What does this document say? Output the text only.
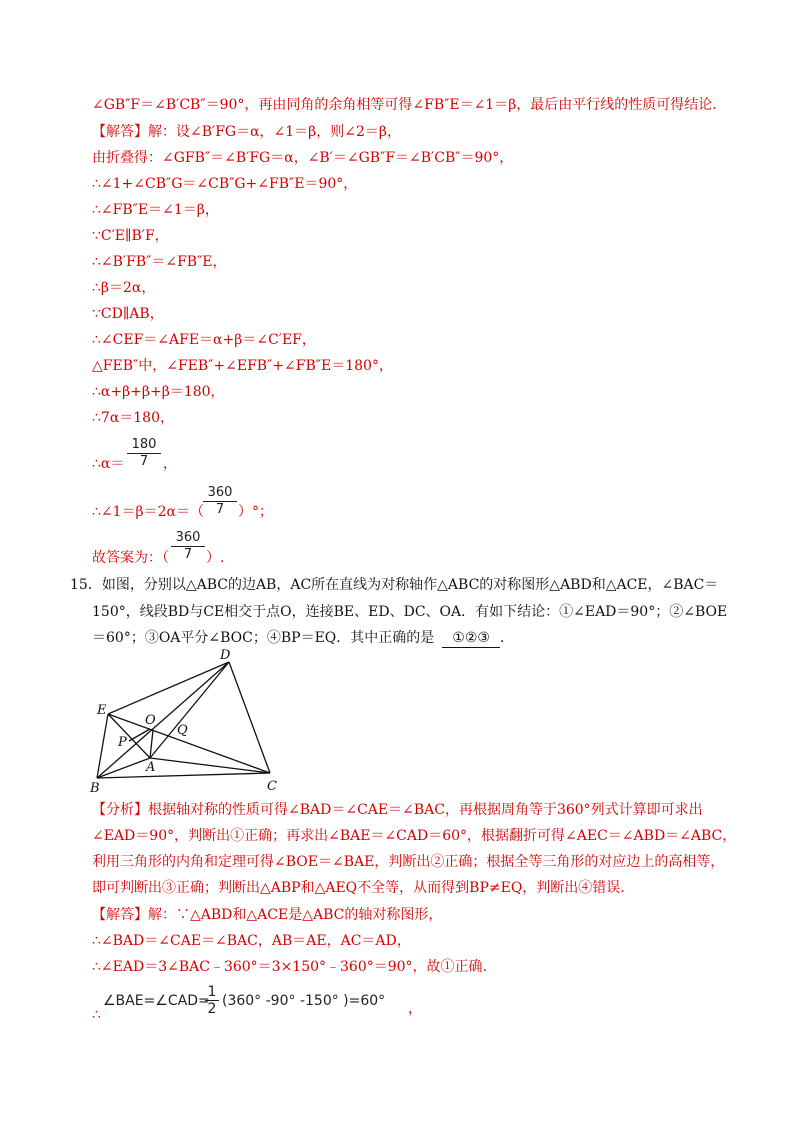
∠GB″F＝∠B′CB″＝90°，再由同角的余角相等可得∠FB″E＝∠1＝β，最后由平行线的性质可得结论.
【解答】解：设∠B′FG＝α，∠1＝β，则∠2＝β，
由折叠得：∠GFB″＝∠B′FG＝α，∠B′＝∠GB″F＝∠B′CB″＝90°，
∴∠1+∠CB″G＝∠CB″G+∠FB″E＝90°，
∴∠FB″E＝∠1＝β，
∵C′E∥B′F，
∴∠B′FB″＝∠FB″E，
∴β＝2α，
∵CD∥AB，
∴∠CEF＝∠AFE＝α+β＝∠C′EF，
△FEB″中，∠FEB″+∠EFB″+∠FB″E＝180°，
∴α+β+β+β＝180，
∴7α＝180，
∴α＝ $\frac{180}{7}$ ，
∴∠1＝β＝2α＝（ $\frac{360}{7}$ ）°；
故答案为：（ $\frac{360}{7}$ ）.
15．如图，分别以△ABC的边AB，AC所在直线为对称轴作△ABC的对称图形△ABD和△ACE，∠BAC＝
150°，线段BD与CE相交于点O，连接BE、ED、DC、OA．有如下结论：①∠EAD＝90°；②∠BOE
＝60°；③OA平分∠BOC；④BP＝EQ．其中正确的是 ①②③ ．
D
E
O
Q
P
A
B	C
【分析】根据轴对称的性质可得∠BAD＝∠CAE＝∠BAC，再根据周角等于360°列式计算即可求出
∠EAD＝90°，判断出①正确；再求出∠BAE＝∠CAD＝60°，根据翻折可得∠AEC＝∠ABD＝∠ABC，
利用三角形的内角和定理可得∠BOE＝∠BAE，判断出②正确；根据全等三角形的对应边上的高相等，
即可判断出③正确；判断出△ABP和△AEQ不全等，从而得到BP≠EQ，判断出④错误.
【解答】解：∵△ABD和△ACE是△ABC的轴对称图形，
∴∠BAD＝∠CAE＝∠BAC，AB＝AE，AC＝AD，
∴∠EAD＝3∠BAC﹣360°＝3×150°﹣360°＝90°，故①正确.
∠BAE=∠CAD=
$\frac{1}{2} (360^\circ$ -90° -150° )=60°
∴	，
